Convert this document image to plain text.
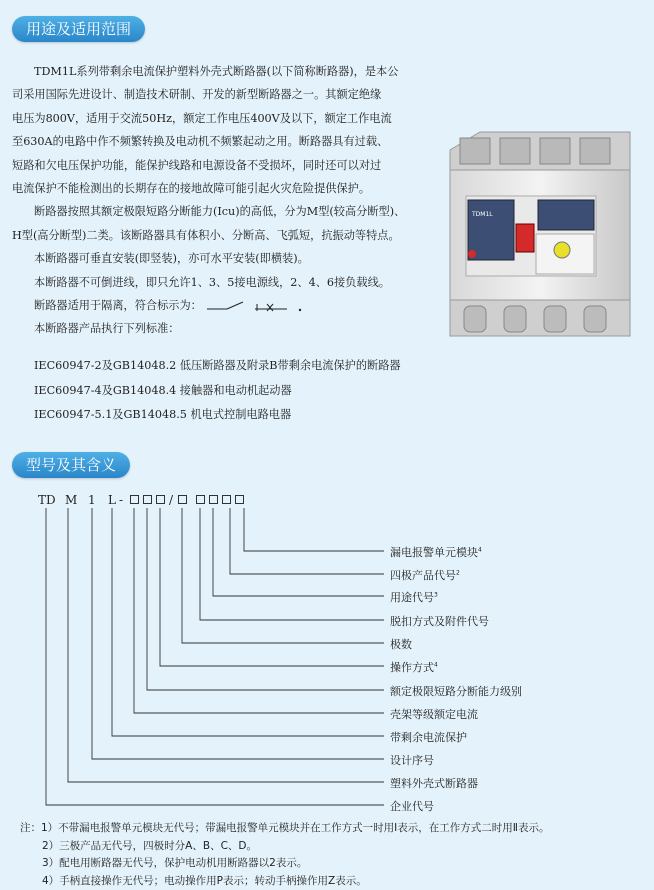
用途及适用范围

TDM1L系列带剩余电流保护塑料外壳式断路器(以下简称断路器)，是本公

司采用国际先进设计、制造技术研制、开发的新型断路器之一。其额定绝缘

电压为800V，适用于交流50Hz，额定工作电压400V及以下，额定工作电流

至630A的电路中作不频繁转换及电动机不频繁起动之用。断路器具有过载、

短路和欠电压保护功能，能保护线路和电源设备不受损坏，同时还可以对过

电流保护不能检测出的长期存在的接地故障可能引起火灾危险提供保护。

断路器按照其额定极限短路分断能力(Icu)的高低，分为M型(较高分断型)、

H型(高分断型)二类。该断路器具有体积小、分断高、飞弧短，抗振动等特点。

本断路器可垂直安装(即竖装)，亦可水平安装(即横装)。

本断路器不可倒进线，即只允许1、3、5接电源线，2、4、6接负载线。

断路器适用于隔离，符合标示为：

本断路器产品执行下列标准：

IEC60947-2及GB14048.2 低压断路器及附录B带剩余电流保护的断路器
IEC60947-4及GB14048.4 接触器和电动机起动器
IEC60947-5.1及GB14048.5 机电式控制电路电器
TDM1L
型号及其含义
TD M 1 L -	/
漏电报警单元模块$^4$
四极产品代号$^2$
用途代号$^3$
脱扣方式及附件代号
极数
操作方式$^4$
额定极限短路分断能力级别
壳架等级额定电流
带剩余电流保护
设计序号
塑料外壳式断路器
企业代号
注：1）不带漏电报警单元模块无代号；带漏电报警单元模块并在工作方式一时用Ⅰ表示，在工作方式二时用Ⅱ表示。
2）三极产品无代号，四极时分A、B、C、D。
3）配电用断路器无代号，保护电动机用断路器以2表示。
4）手柄直接操作无代号；电动操作用P表示；转动手柄操作用Z表示。
